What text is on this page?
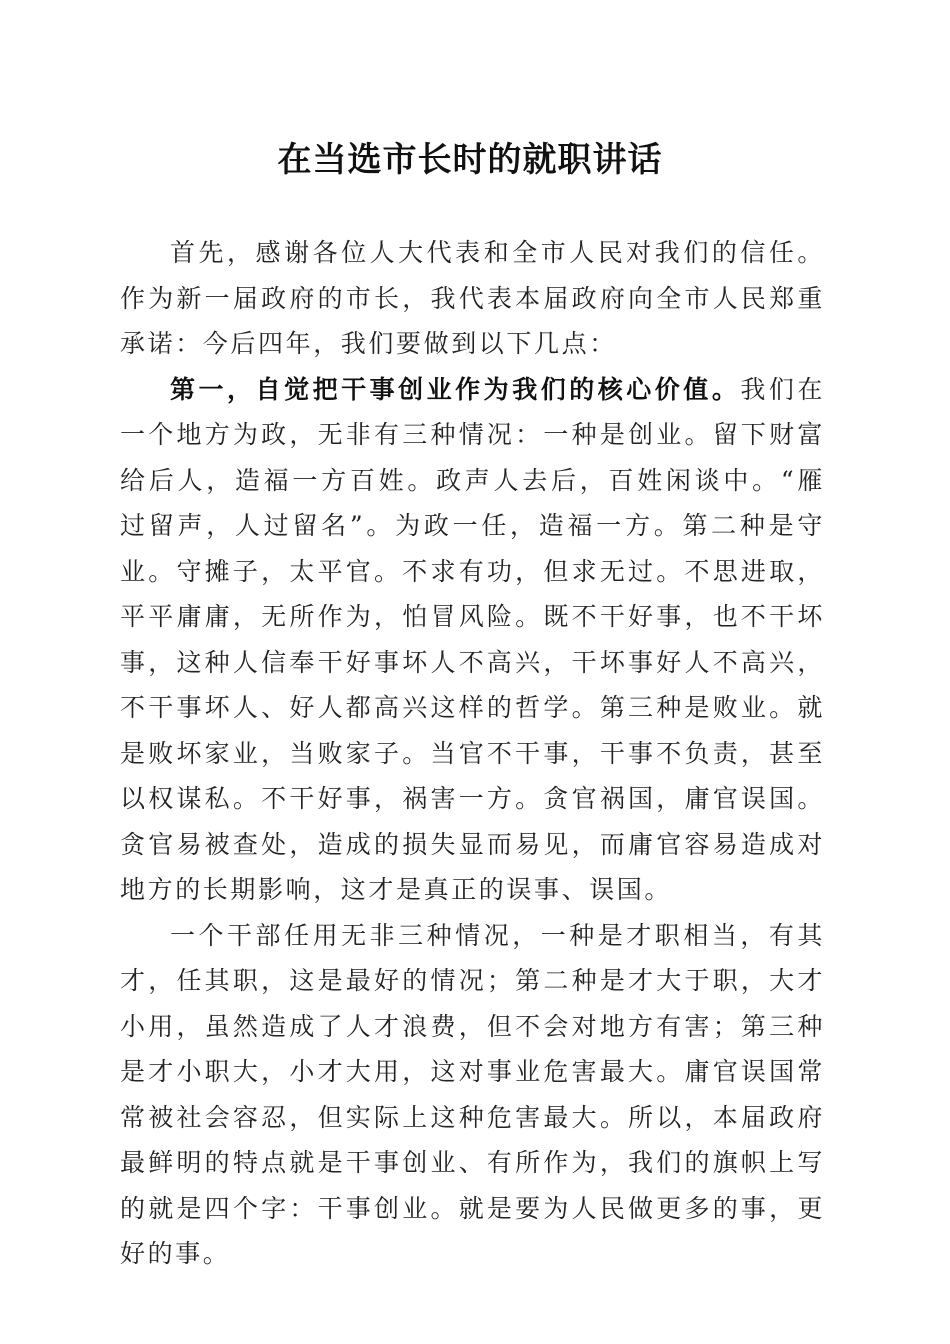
在当选市长时的就职讲话

首先，感谢各位人大代表和全市人民对我们的信任。作为新一届政府的市长，我代表本届政府向全市人民郑重承诺：今后四年，我们要做到以下几点：

第一，自觉把干事创业作为我们的核心价值。我们在一个地方为政，无非有三种情况：一种是创业。留下财富给后人，造福一方百姓。政声人去后，百姓闲谈中。“雁过留声，人过留名”。为政一任，造福一方。第二种是守业。守摊子，太平官。不求有功，但求无过。不思进取，平平庸庸，无所作为，怕冒风险。既不干好事，也不干坏事，这种人信奉干好事坏人不高兴，干坏事好人不高兴，不干事坏人、好人都高兴这样的哲学。第三种是败业。就是败坏家业，当败家子。当官不干事，干事不负责，甚至以权谋私。不干好事，祸害一方。贪官祸国，庸官误国。贪官易被查处，造成的损失显而易见，而庸官容易造成对地方的长期影响，这才是真正的误事、误国。

一个干部任用无非三种情况，一种是才职相当，有其才，任其职，这是最好的情况；第二种是才大于职，大才小用，虽然造成了人才浪费，但不会对地方有害；第三种是才小职大，小才大用，这对事业危害最大。庸官误国常常被社会容忍，但实际上这种危害最大。所以，本届政府最鲜明的特点就是干事创业、有所作为，我们的旗帜上写的就是四个字：干事创业。就是要为人民做更多的事，更好的事。
